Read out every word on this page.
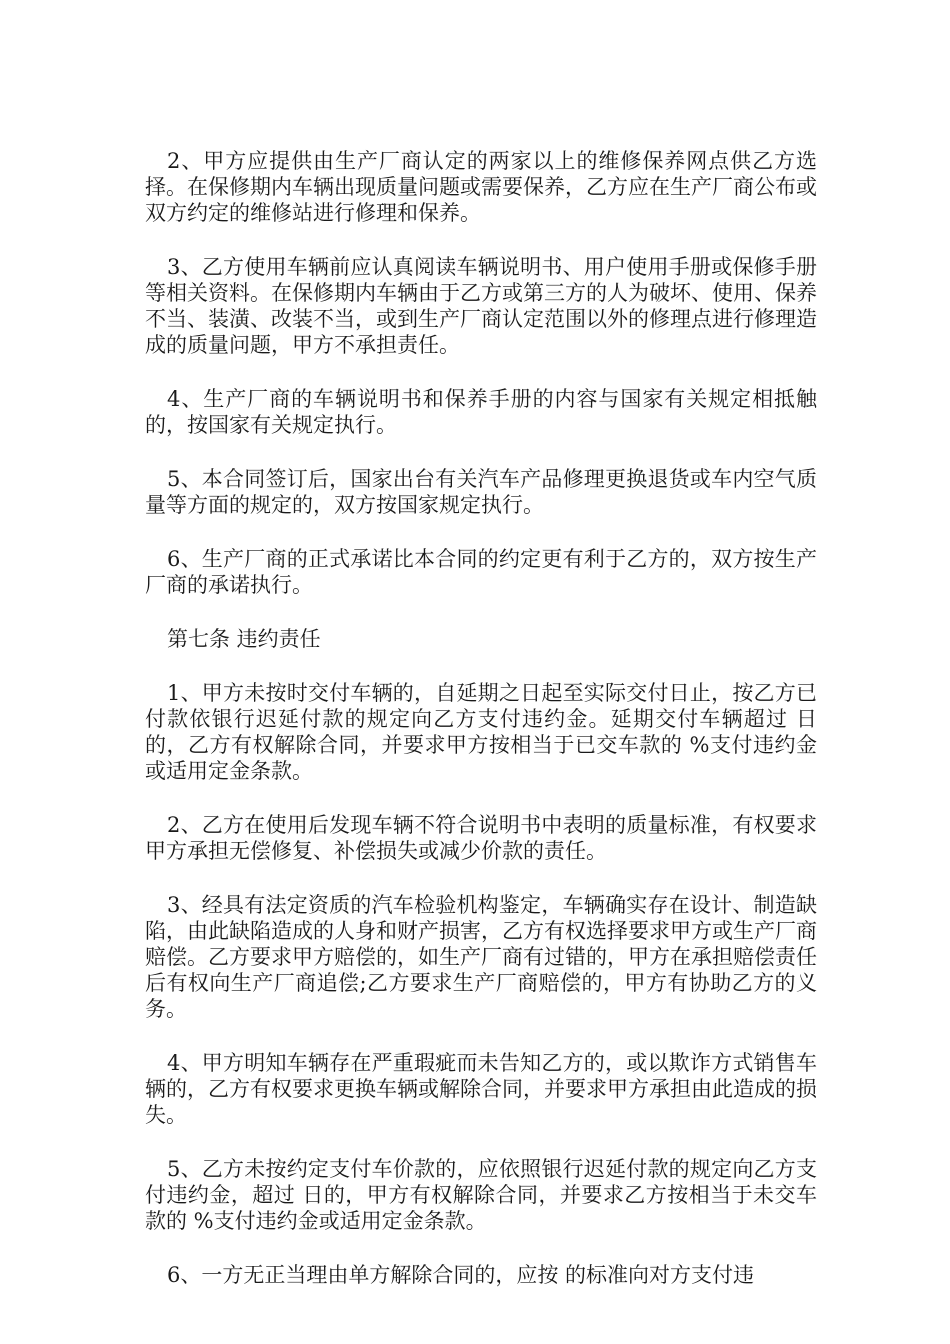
2、甲方应提供由生产厂商认定的两家以上的维修保养网点供乙方选择。在保修期内车辆出现质量问题或需要保养，乙方应在生产厂商公布或双方约定的维修站进行修理和保养。

3、乙方使用车辆前应认真阅读车辆说明书、用户使用手册或保修手册等相关资料。在保修期内车辆由于乙方或第三方的人为破坏、使用、保养不当、装潢、改装不当，或到生产厂商认定范围以外的修理点进行修理造成的质量问题，甲方不承担责任。

4、生产厂商的车辆说明书和保养手册的内容与国家有关规定相抵触的，按国家有关规定执行。

5、本合同签订后，国家出台有关汽车产品修理更换退货或车内空气质量等方面的规定的，双方按国家规定执行。

6、生产厂商的正式承诺比本合同的约定更有利于乙方的，双方按生产厂商的承诺执行。

第七条 违约责任

1、甲方未按时交付车辆的，自延期之日起至实际交付日止，按乙方已付款依银行迟延付款的规定向乙方支付违约金。延期交付车辆超过 日的，乙方有权解除合同，并要求甲方按相当于已交车款的 %支付违约金或适用定金条款。

2、乙方在使用后发现车辆不符合说明书中表明的质量标准，有权要求甲方承担无偿修复、补偿损失或减少价款的责任。

3、经具有法定资质的汽车检验机构鉴定，车辆确实存在设计、制造缺陷，由此缺陷造成的人身和财产损害，乙方有权选择要求甲方或生产厂商赔偿。乙方要求甲方赔偿的，如生产厂商有过错的，甲方在承担赔偿责任后有权向生产厂商追偿;乙方要求生产厂商赔偿的，甲方有协助乙方的义务。

4、甲方明知车辆存在严重瑕疵而未告知乙方的，或以欺诈方式销售车辆的，乙方有权要求更换车辆或解除合同，并要求甲方承担由此造成的损失。

5、乙方未按约定支付车价款的，应依照银行迟延付款的规定向乙方支付违约金，超过 日的，甲方有权解除合同，并要求乙方按相当于未交车款的 %支付违约金或适用定金条款。

6、一方无正当理由单方解除合同的，应按 的标准向对方支付违
